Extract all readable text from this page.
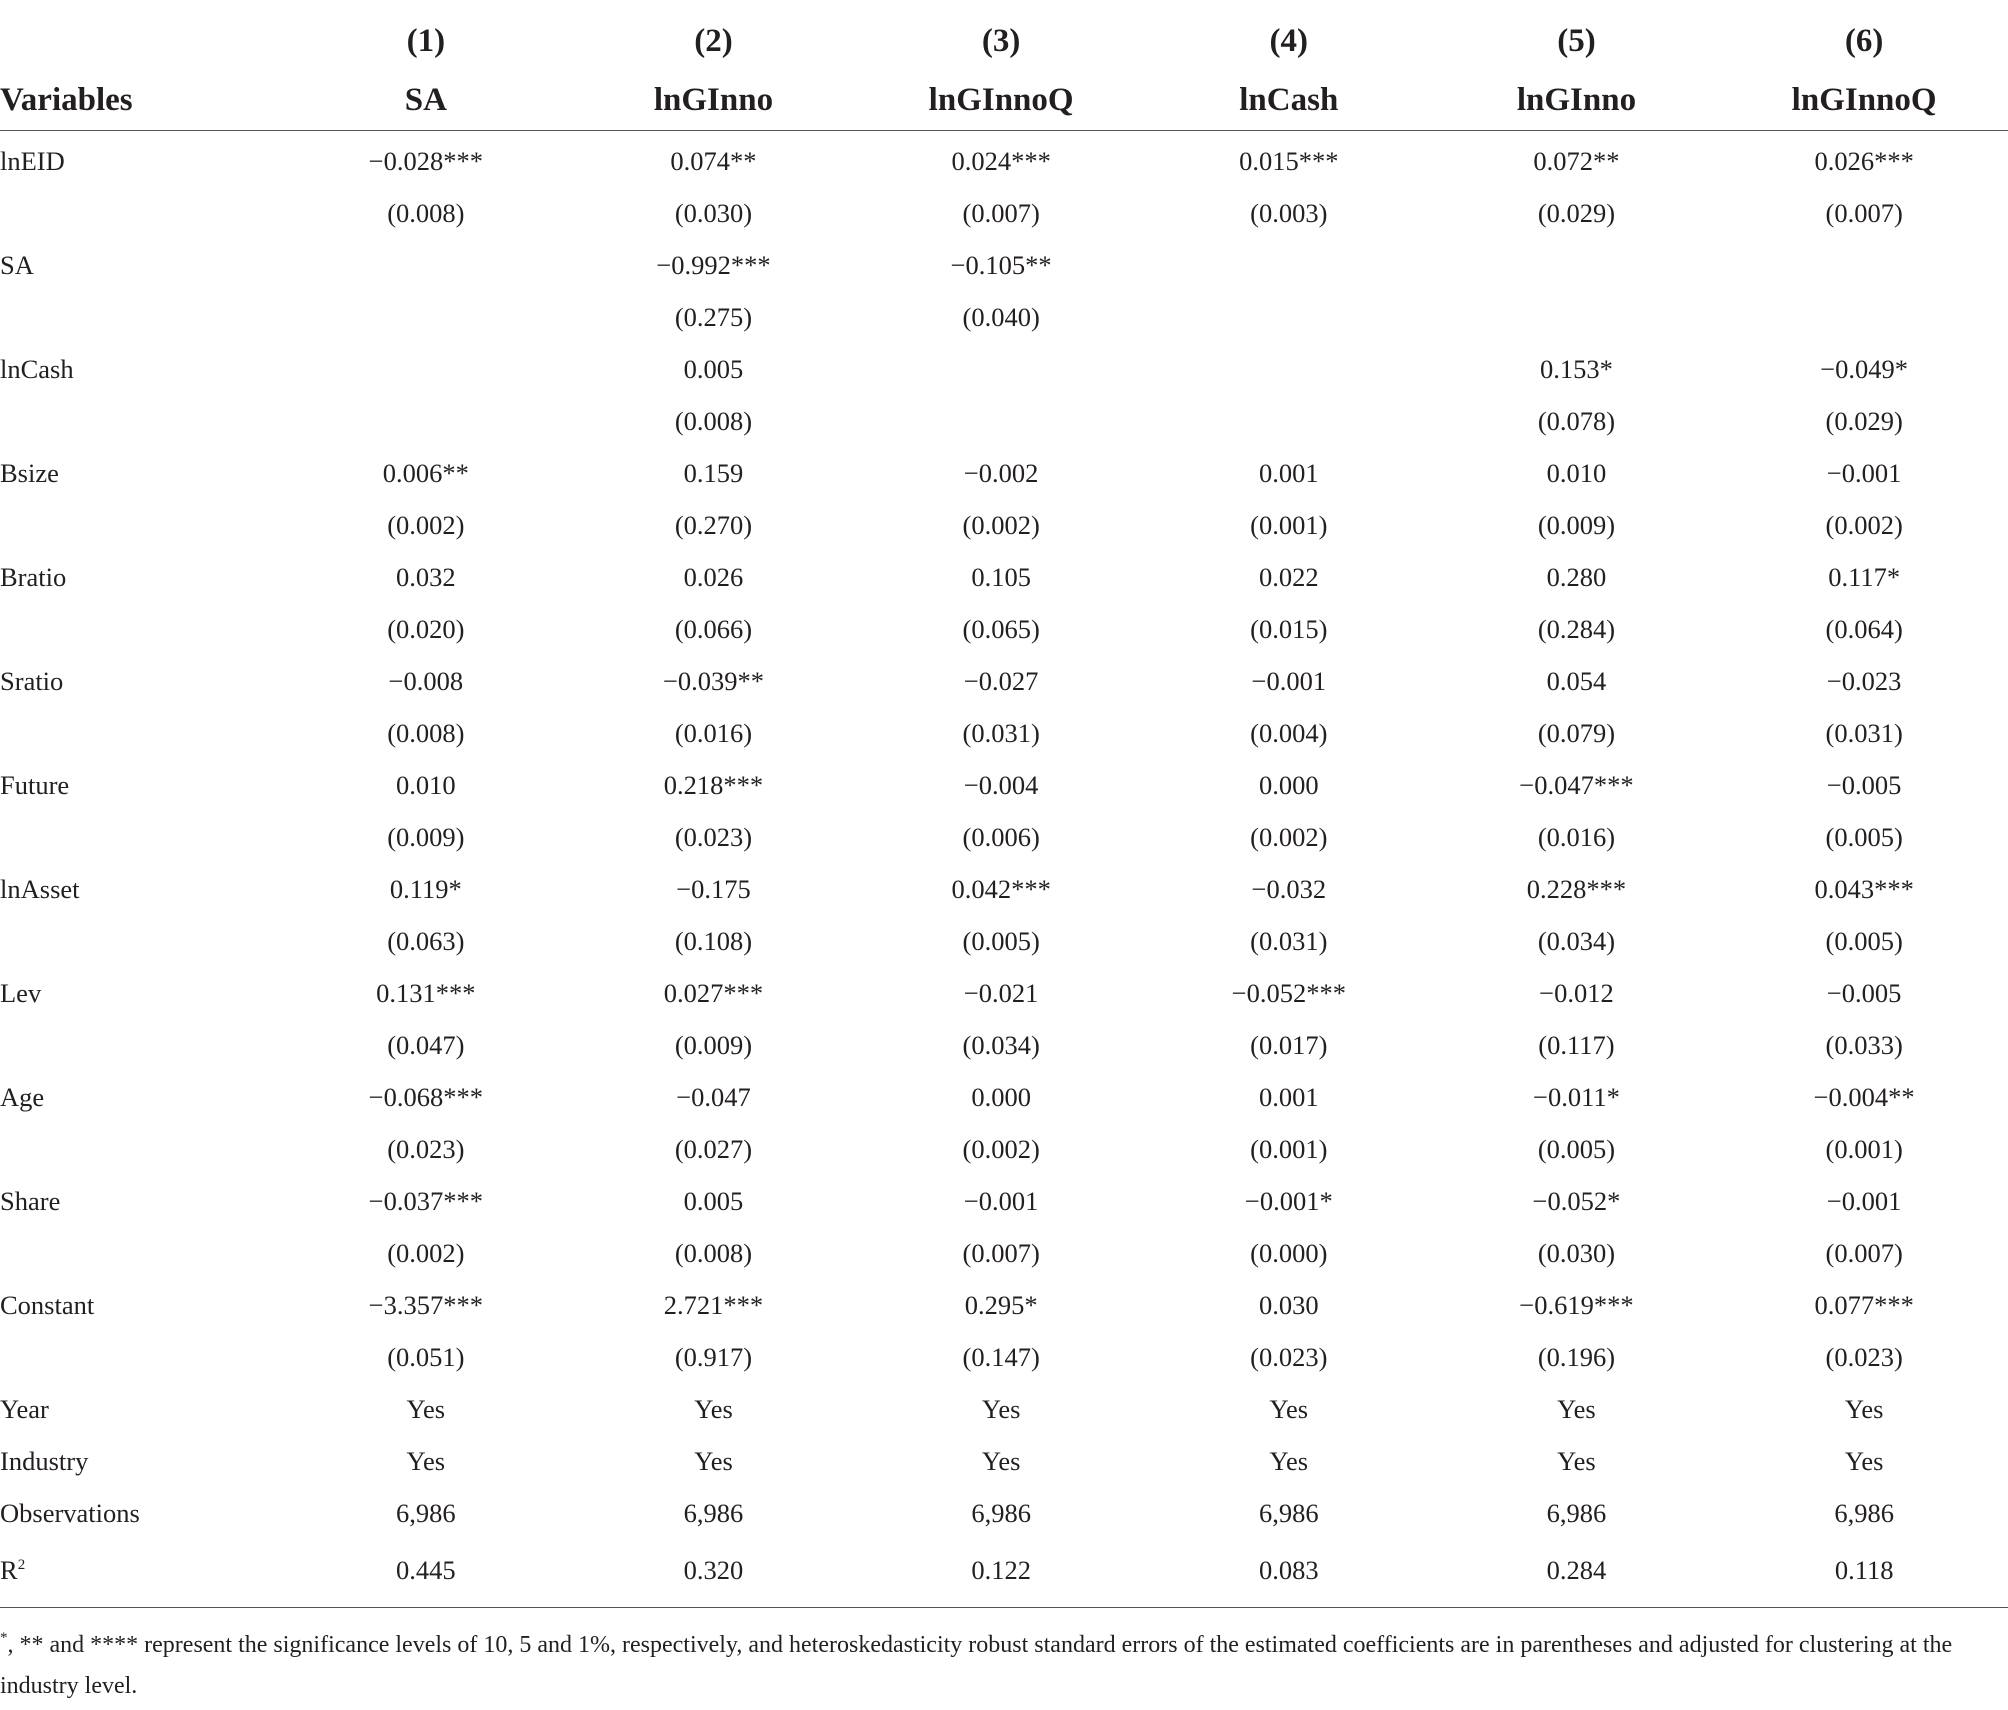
	(1)	(2)	(3)	(4)	(5)	(6)
Variables	SA	lnGInno	lnGInnoQ	lnCash	lnGInno	lnGInnoQ
lnEID	−0.028***	0.074**	0.024***	0.015***	0.072**	0.026***
	(0.008)	(0.030)	(0.007)	(0.003)	(0.029)	(0.007)
SA		−0.992***	−0.105**			
		(0.275)	(0.040)			
lnCash		0.005			0.153*	−0.049*
		(0.008)			(0.078)	(0.029)
Bsize	0.006**	0.159	−0.002	0.001	0.010	−0.001
	(0.002)	(0.270)	(0.002)	(0.001)	(0.009)	(0.002)
Bratio	0.032	0.026	0.105	0.022	0.280	0.117*
	(0.020)	(0.066)	(0.065)	(0.015)	(0.284)	(0.064)
Sratio	−0.008	−0.039**	−0.027	−0.001	0.054	−0.023
	(0.008)	(0.016)	(0.031)	(0.004)	(0.079)	(0.031)
Future	0.010	0.218***	−0.004	0.000	−0.047***	−0.005
	(0.009)	(0.023)	(0.006)	(0.002)	(0.016)	(0.005)
lnAsset	0.119*	−0.175	0.042***	−0.032	0.228***	0.043***
	(0.063)	(0.108)	(0.005)	(0.031)	(0.034)	(0.005)
Lev	0.131***	0.027***	−0.021	−0.052***	−0.012	−0.005
	(0.047)	(0.009)	(0.034)	(0.017)	(0.117)	(0.033)
Age	−0.068***	−0.047	0.000	0.001	−0.011*	−0.004**
	(0.023)	(0.027)	(0.002)	(0.001)	(0.005)	(0.001)
Share	−0.037***	0.005	−0.001	−0.001*	−0.052*	−0.001
	(0.002)	(0.008)	(0.007)	(0.000)	(0.030)	(0.007)
Constant	−3.357***	2.721***	0.295*	0.030	−0.619***	0.077***
	(0.051)	(0.917)	(0.147)	(0.023)	(0.196)	(0.023)
Year	Yes	Yes	Yes	Yes	Yes	Yes
Industry	Yes	Yes	Yes	Yes	Yes	Yes
Observations	6,986	6,986	6,986	6,986	6,986	6,986
$R^2$	0.445	0.320	0.122	0.083	0.284	0.118
*, ** and **** represent the significance levels of 10, 5 and 1%, respectively, and heteroskedasticity robust standard errors of the estimated coefficients are in parentheses and adjusted for clustering at the industry level.
